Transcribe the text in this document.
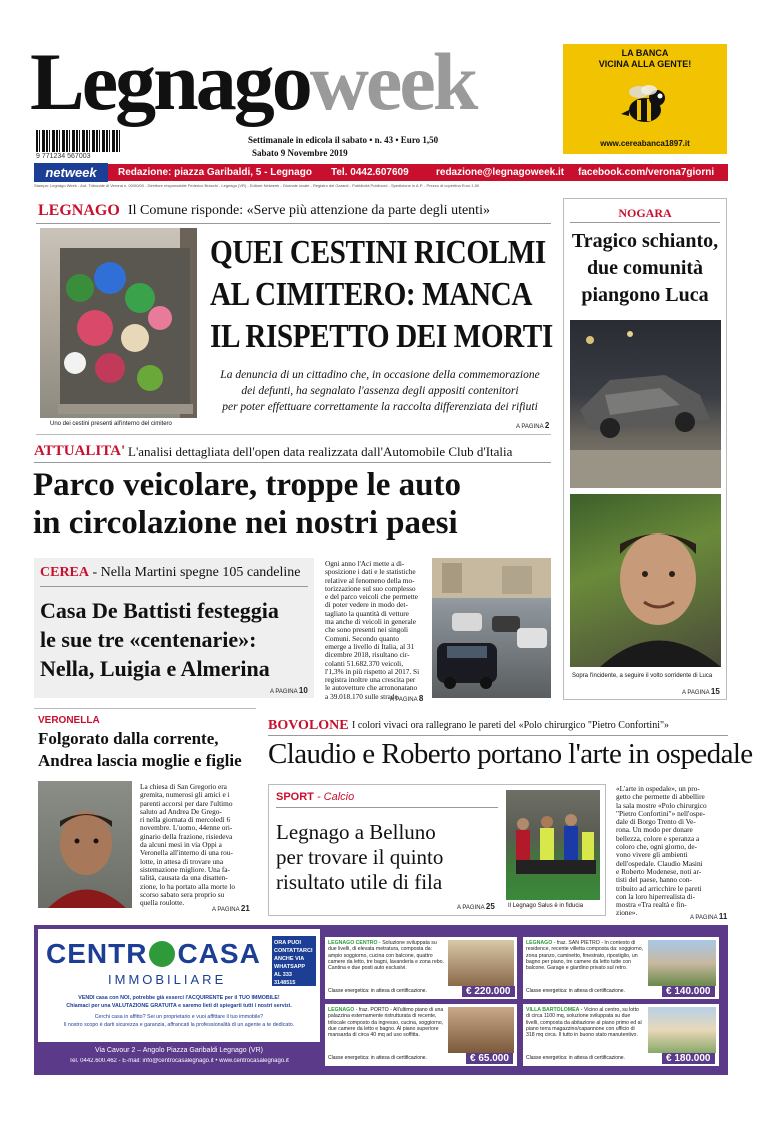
Legnagoweek
9 771234 567003
Settimanale in edicola il sabato • n. 43 • Euro 1,50
Sabato 9 Novembre 2019
LA BANCA
VICINA ALLA GENTE!
www.cereabanca1897.it
netweek	Redazione: piazza Garibaldi, 5 - Legnago Tel. 0442.607609	redazione@legnagoweek.it facebook.com/verona7giorni
Stampa: Legnago Week - Aut. Tribunale di Verona n. 00/00/00 - Direttore responsabile Federico Bracchi - Legnago (VR) - Editore Netweek - Giornale locale - Registro dei Garanti - Pubblicità Publinord - Spedizione in A.P. - Prezzo di copertina Euro 1,50
LEGNAGO Il Comune risponde: «Serve più attenzione da parte degli utenti»
Uno dei cestini presenti all'interno del cimitero
QUEI CESTINI RICOLMI
AL CIMITERO: MANCA
IL RISPETTO DEI MORTI
La denuncia di un cittadino che, in occasione della commemorazione
dei defunti, ha segnalato l'assenza degli appositi contenitori
per poter effettuare correttamente la raccolta differenziata dei rifiuti
A PAGINA 2
NOGARA
Tragico schianto,
due comunità
piangono Luca
Sopra l'incidente, a seguire il volto sorridente di Luca
A PAGINA 15
ATTUALITA' L'analisi dettagliata dell'open data realizzata dall'Automobile Club d'Italia
Parco veicolare, troppe le auto
in circolazione nei nostri paesi
CEREA - Nella Martini spegne 105 candeline
Casa De Battisti festeggia
le sue tre «centenarie»:
Nella, Luigia e Almerina
A PAGINA 10
Ogni anno l'Aci mette a di-
sposizione i dati e le statistiche
relative al fenomeno della mo-
torizzazione sul suo complesso
e del parco veicoli che permette
di poter vedere in modo det-
tagliato la quantità di vetture
ma anche di veicoli in generale
che sono presenti nei singoli
Comuni. Secondo quanto
emerge a livello di Italia, al 31
dicembre 2018, risultano cir-
colanti 51.682.370 veicoli,
l'1,3% in più rispetto al 2017. Si
registra inoltre una crescita per
le autovetture che arrononatano
a 39.018.170 sulle strade.
A PAGINA 8
VERONELLA
Folgorato dalla corrente,
Andrea lascia moglie e figlie
La chiesa di San Gregorio era
gremita, numerosi gli amici e i
parenti accorsi per dare l'ultimo
saluto ad Andrea De Grego-
ri nella giornata di mercoledì 6
novembre. L'uomo, 44enne ori-
ginario della frazione, risiedeva
da alcuni mesi in via Oppi a
Veronella all'interno di una rou-
lotte, in attesa di trovare una
sistemazione migliore. Una fa-
talità, causata da una disatten-
zione, lo ha portato alla morte lo
scorso sabato sera proprio su
quella roulotte.
A PAGINA 21
BOVOLONE I colori vivaci ora rallegrano le pareti del «Polo chirurgico "Pietro Confortini"»
Claudio e Roberto portano l'arte in ospedale
SPORT - Calcio
Legnago a Belluno
per trovare il quinto
risultato utile di fila
A PAGINA 25 Il Legnago Salus è in fiducia
«L'arte in ospedale», un pro-
getto che permette di abbellire
la sala mostre «Polo chirurgico
"Pietro Confortini"» nell'ospe-
dale di Borgo Trento di Ve-
rona. Un modo per donare
bellezza, colore e speranza a
coloro che, ogni giorno, de-
vono vivere gli ambienti
dell'ospedale. Claudio Masini
e Roberto Modenese, noti ar-
tisti del paese, hanno con-
tribuito ad arricchire le pareti
con la loro hiperrealista di-
mostra «Tra realtà e fin-
zione».
A PAGINA 11
CENTR CASA
IMMOBILIARE
ORA PUOI
CONTATTARCI
ANCHE VIA
WHATSAPP
AL 333 3148515
VENDI casa con NOI, potrebbe già esserci l'ACQUIRENTE per il TUO IMMOBILE!
Chiamaci per una VALUTAZIONE GRATUITA e saremo lieti di spiegarti tutti i nostri servizi.
Cerchi casa in affitto? Sei un proprietario e vuoi affittare il tuo immobile?
Il nostro scopo è darti sicurezza e garanzia, affrancati la professionalità di un agente a te dedicato.
Via Cavour 2 – Angolo Piazza Garibaldi Legnago (VR)
Tel. 0442.600.462 - E-mail: info@centrocasalegnago.it • www.centrocasalegnago.it
LEGNAGO CENTRO - Soluzione sviluppata su due livelli, di elevata metratura, composta da: ampio soggiorno, cucina con balcone, quattro camere da letto, tre bagni, lavanderia e zona rebo. Cantina e due posti auto esclusivi.
Classe energetica: in attesa di certificazione.	€ 220.000
LEGNAGO - fraz. SAN PIETRO - In contesto di residence, recente villetta composta da: soggiorno, zona pranzo, caminetto, finestrato, ripostiglio, un bagno per piano, tre camere da letto tutte con balcone. Garage e giardino privato sul retro.
Classe energetica: in attesa di certificazione.	€ 140.000
LEGNAGO - fraz. PORTO - All'ultimo piano di una palazzina esternamente ristrutturata di recente, trilocale composto da ingresso, cucina, soggiorno, due camere da letto e bagno. Al piano superiore mansarda di circa 40 mq ad uso soffitta.
Classe energetica: in attesa di certificazione.	€ 65.000
VILLA BARTOLOMEA - Vicino al centro, su lotto di circa 1100 mq, soluzione sviluppata su due livelli, composta da abitazione al piano primo ed al piano terra magazzino/capannone con ufficio di 318 mq circa. Il tutto in buono stato manutentivo.
Classe energetica: in attesa di certificazione.	€ 180.000
